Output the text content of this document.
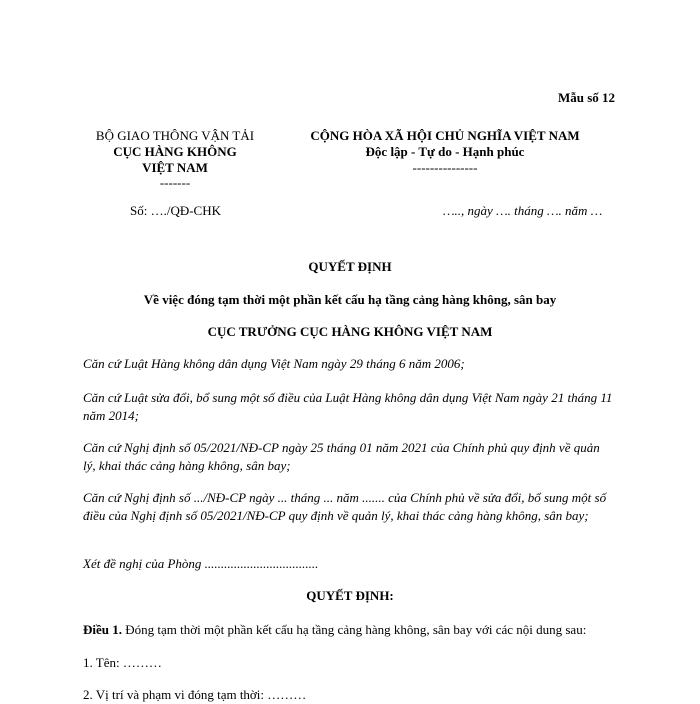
Mẫu số 12
BỘ GIAO THÔNG VẬN TẢI
CỤC HÀNG KHÔNG
VIỆT NAM
-------
Số: …./QĐ-CHK
CỘNG HÒA XÃ HỘI CHỦ NGHĨA VIỆT NAM
Độc lập - Tự do - Hạnh phúc
---------------
….., ngày …. tháng …. năm …
QUYẾT ĐỊNH
Về việc đóng tạm thời một phần kết cấu hạ tầng cảng hàng không, sân bay
CỤC TRƯỞNG CỤC HÀNG KHÔNG VIỆT NAM
Căn cứ Luật Hàng không dân dụng Việt Nam ngày 29 tháng 6 năm 2006;
Căn cứ Luật sửa đổi, bổ sung một số điều của Luật Hàng không dân dụng Việt Nam ngày 21 tháng 11 năm 2014;
Căn cứ Nghị định số 05/2021/NĐ-CP ngày 25 tháng 01 năm 2021 của Chính phủ quy định về quản lý, khai thác cảng hàng không, sân bay;
Căn cứ Nghị định số .../NĐ-CP ngày ... tháng ... năm ....... của Chính phủ về sửa đổi, bổ sung một số điều của Nghị định số 05/2021/NĐ-CP quy định về quản lý, khai thác cảng hàng không, sân bay;
Xét đề nghị của Phòng ...................................
QUYẾT ĐỊNH:
Điều 1. Đóng tạm thời một phần kết cấu hạ tầng cảng hàng không, sân bay với các nội dung sau:
1. Tên: ………
2. Vị trí và phạm vi đóng tạm thời: ………
